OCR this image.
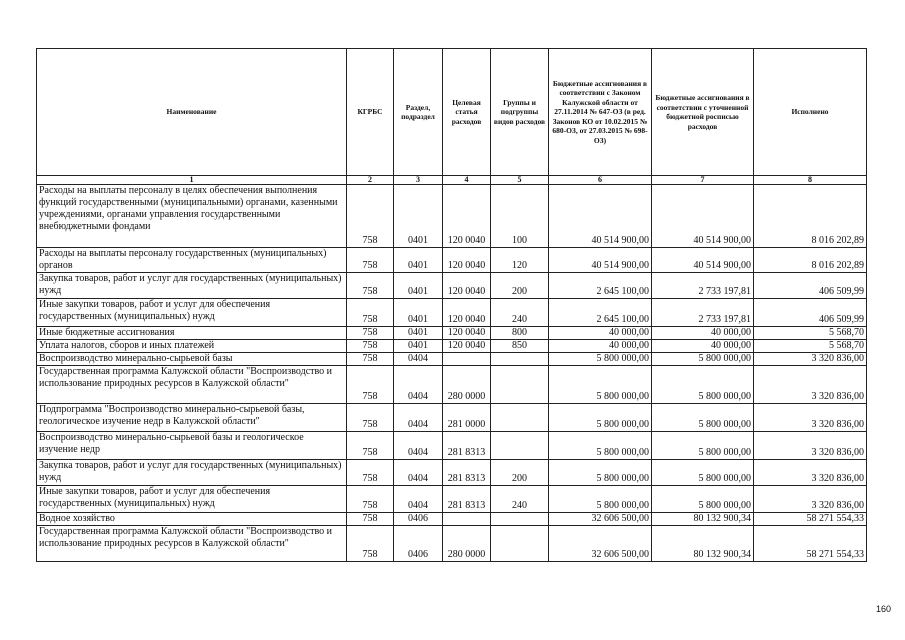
Наименование	КГРБС	Раздел, подраздел	Целевая статья расходов	Группы и подгруппы видов расходов	Бюджетные ассигнования в соответствии с Законом Калужской области от 27.11.2014 № 647-ОЗ (в ред. Законов КО от 10.02.2015 № 680-ОЗ, от 27.03.2015 № 698-ОЗ)	Бюджетные ассигнования в соответствии с уточненной бюджетной росписью расходов	Исполнено
1	2	3	4	5	6	7	8
Расходы на выплаты персоналу в целях обеспечения выполнения функций государственными (муниципальными) органами, казенными учреждениями, органами управления государственными внебюджетными фондами	758	0401	120 0040	100	40 514 900,00	40 514 900,00	8 016 202,89
Расходы на выплаты персоналу государственных (муниципальных) органов	758	0401	120 0040	120	40 514 900,00	40 514 900,00	8 016 202,89
Закупка товаров, работ и услуг для государственных (муниципальных) нужд	758	0401	120 0040	200	2 645 100,00	2 733 197,81	406 509,99
Иные закупки товаров, работ и услуг для обеспечения государственных (муниципальных) нужд	758	0401	120 0040	240	2 645 100,00	2 733 197,81	406 509,99
Иные бюджетные ассигнования	758	0401	120 0040	800	40 000,00	40 000,00	5 568,70
Уплата налогов, сборов и иных платежей	758	0401	120 0040	850	40 000,00	40 000,00	5 568,70
Воспроизводство минерально-сырьевой базы	758	0404			5 800 000,00	5 800 000,00	3 320 836,00
Государственная программа Калужской области "Воспроизводство и использование природных ресурсов в Калужской области"	758	0404	280 0000		5 800 000,00	5 800 000,00	3 320 836,00
Подпрограмма "Воспроизводство минерально-сырьевой базы, геологическое изучение недр в Калужской области"	758	0404	281 0000		5 800 000,00	5 800 000,00	3 320 836,00
Воспроизводство минерально-сырьевой базы и геологическое изучение недр	758	0404	281 8313		5 800 000,00	5 800 000,00	3 320 836,00
Закупка товаров, работ и услуг для государственных (муниципальных) нужд	758	0404	281 8313	200	5 800 000,00	5 800 000,00	3 320 836,00
Иные закупки товаров, работ и услуг для обеспечения государственных (муниципальных) нужд	758	0404	281 8313	240	5 800 000,00	5 800 000,00	3 320 836,00
Водное хозяйство	758	0406			32 606 500,00	80 132 900,34	58 271 554,33
Государственная программа Калужской области "Воспроизводство и использование природных ресурсов в Калужской области"	758	0406	280 0000		32 606 500,00	80 132 900,34	58 271 554,33
160
